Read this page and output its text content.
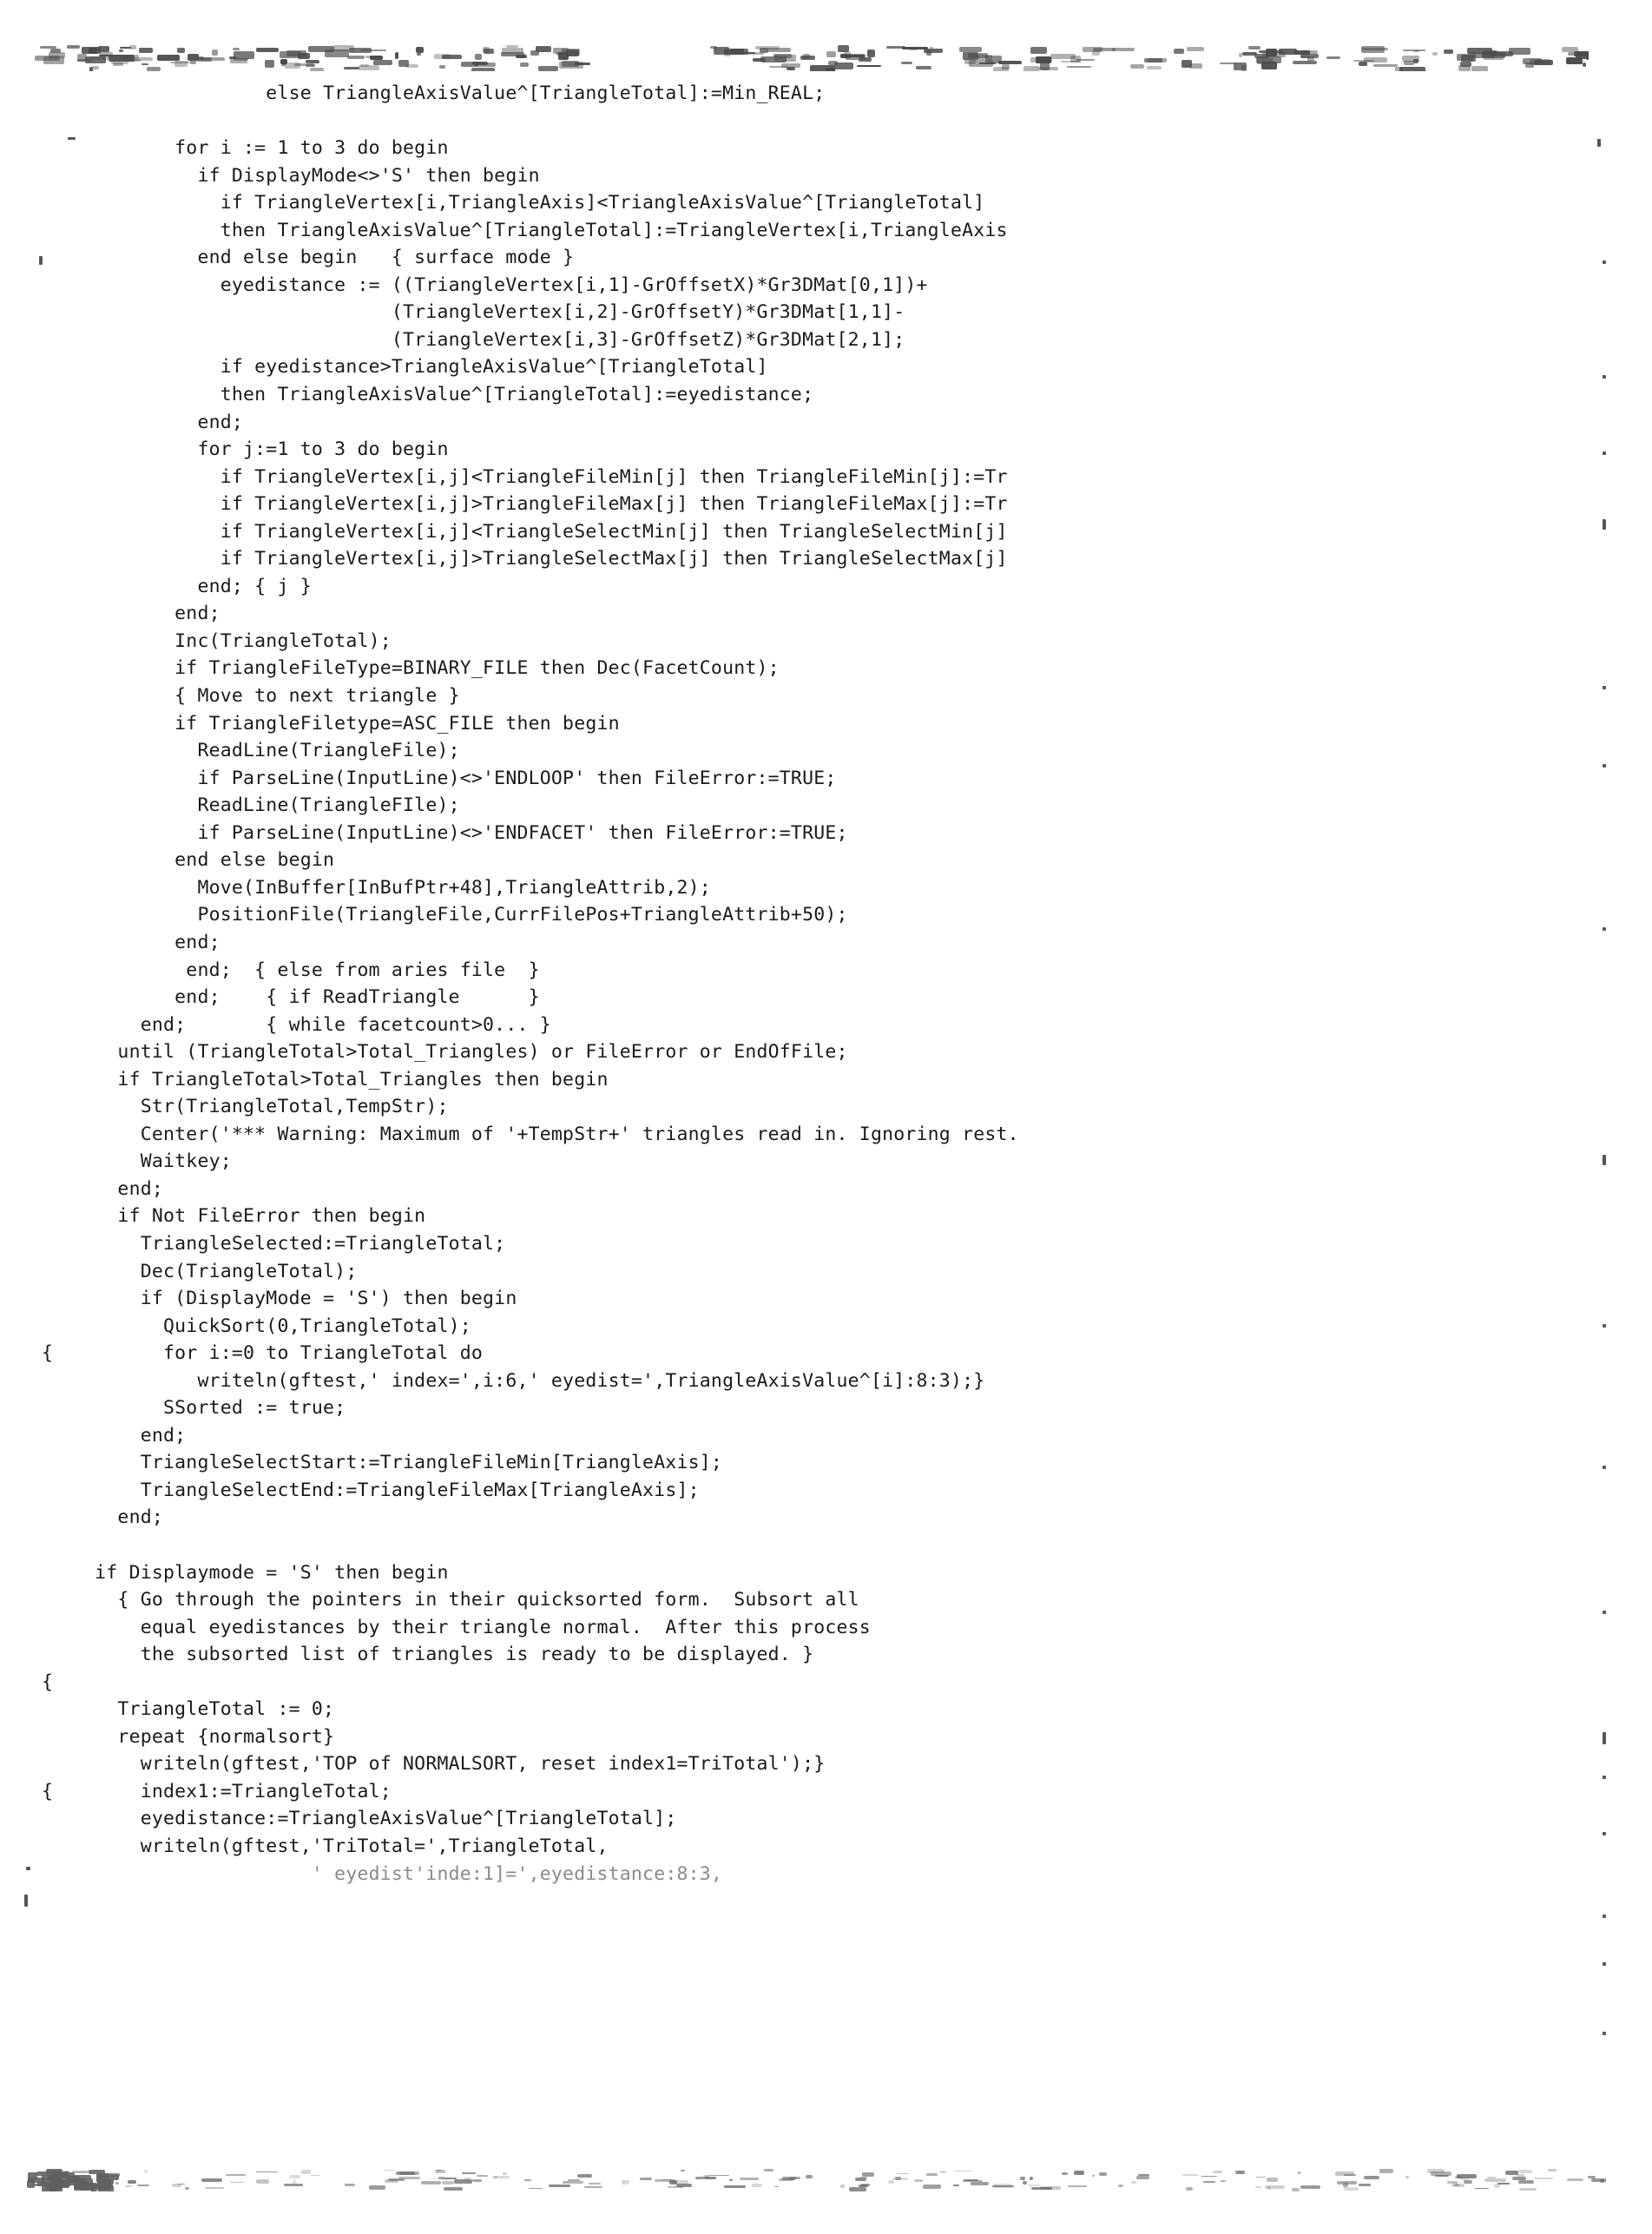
else TriangleAxisValue^[TriangleTotal]:=Min_REAL;

for i := 1 to 3 do begin
if DisplayMode<>'S' then begin
if TriangleVertex[i,TriangleAxis]<TriangleAxisValue^[TriangleTotal]
then TriangleAxisValue^[TriangleTotal]:=TriangleVertex[i,TriangleAxis
end else begin   { surface mode }
eyedistance := ((TriangleVertex[i,1]-GrOffsetX)*Gr3DMat[0,1])+
(TriangleVertex[i,2]-GrOffsetY)*Gr3DMat[1,1]-
(TriangleVertex[i,3]-GrOffsetZ)*Gr3DMat[2,1];
if eyedistance>TriangleAxisValue^[TriangleTotal]
then TriangleAxisValue^[TriangleTotal]:=eyedistance;
end;
for j:=1 to 3 do begin
if TriangleVertex[i,j]<TriangleFileMin[j] then TriangleFileMin[j]:=Tr
if TriangleVertex[i,j]>TriangleFileMax[j] then TriangleFileMax[j]:=Tr
if TriangleVertex[i,j]<TriangleSelectMin[j] then TriangleSelectMin[j]
if TriangleVertex[i,j]>TriangleSelectMax[j] then TriangleSelectMax[j]
end; { j }
end;
Inc(TriangleTotal);
if TriangleFileType=BINARY_FILE then Dec(FacetCount);
{ Move to next triangle }
if TriangleFiletype=ASC_FILE then begin
ReadLine(TriangleFile);
if ParseLine(InputLine)<>'ENDLOOP' then FileError:=TRUE;
ReadLine(TriangleFIle);
if ParseLine(InputLine)<>'ENDFACET' then FileError:=TRUE;
end else begin
Move(InBuffer[InBufPtr+48],TriangleAttrib,2);
PositionFile(TriangleFile,CurrFilePos+TriangleAttrib+50);
end;
end;  { else from aries file  }
end;    { if ReadTriangle      }
end;       { while facetcount>0... }
until (TriangleTotal>Total_Triangles) or FileError or EndOfFile;
if TriangleTotal>Total_Triangles then begin
Str(TriangleTotal,TempStr);
Center('*** Warning: Maximum of '+TempStr+' triangles read in. Ignoring rest.
Waitkey;
end;
if Not FileError then begin
TriangleSelected:=TriangleTotal;
Dec(TriangleTotal);
if (DisplayMode = 'S') then begin
QuickSort(0,TriangleTotal);
for i:=0 to TriangleTotal do
writeln(gftest,' index=',i:6,' eyedist=',TriangleAxisValue^[i]:8:3);}
SSorted := true;
end;
TriangleSelectStart:=TriangleFileMin[TriangleAxis];
TriangleSelectEnd:=TriangleFileMax[TriangleAxis];
end;

if Displaymode = 'S' then begin
{ Go through the pointers in their quicksorted form.  Subsort all
equal eyedistances by their triangle normal.  After this process
the subsorted list of triangles is ready to be displayed. }

TriangleTotal := 0;
repeat {normalsort}
writeln(gftest,'TOP of NORMALSORT, reset index1=TriTotal');}
index1:=TriangleTotal;
eyedistance:=TriangleAxisValue^[TriangleTotal];
writeln(gftest,'TriTotal=',TriangleTotal,
' eyedist'inde:1]=',eyedistance:8:3,
{
{
{
